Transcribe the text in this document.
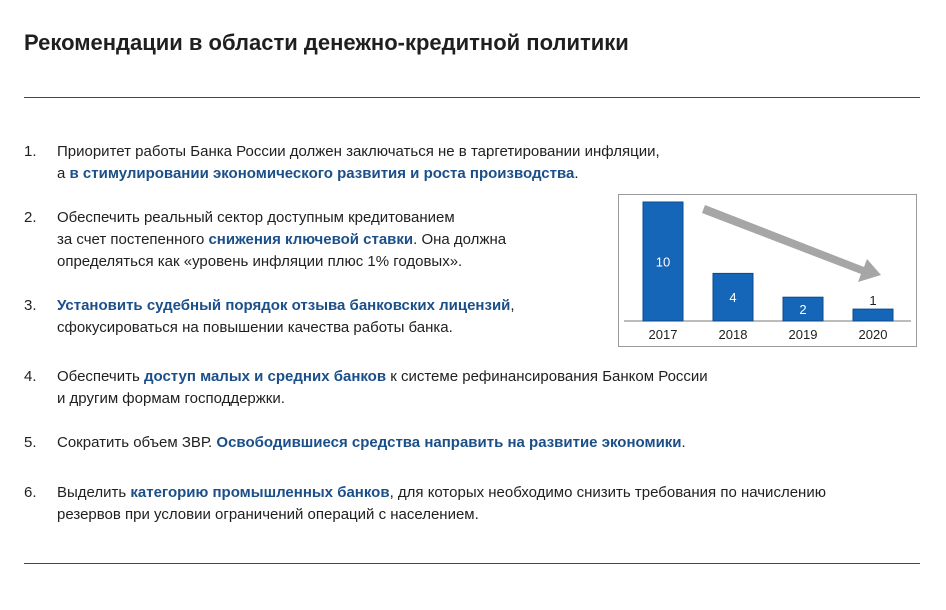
Рекомендации в области денежно-кредитной политики
1.	Приоритет работы Банка России должен заключаться не в таргетировании инфляции,
а в стимулировании экономического развития и роста производства.
2.	Обеспечить реальный сектор доступным кредитованием
за счет постепенного снижения ключевой ставки. Она должна
определяться как «уровень инфляции плюс 1% годовых».
3.	Установить судебный порядок отзыва банковских лицензий,
сфокусироваться на повышении качества работы банка.
4.	Обеспечить доступ малых и средних банков к системе рефинансирования Банком России
и другим формам господдержки.
5.	Сократить объем ЗВР. Освободившиеся средства направить на развитие экономики.
6.	Выделить категорию промышленных банков, для которых необходимо снизить требования по начислению
резервов при условии ограничений операций с населением.
10
2017
4
2018
2
2019
1
2020
